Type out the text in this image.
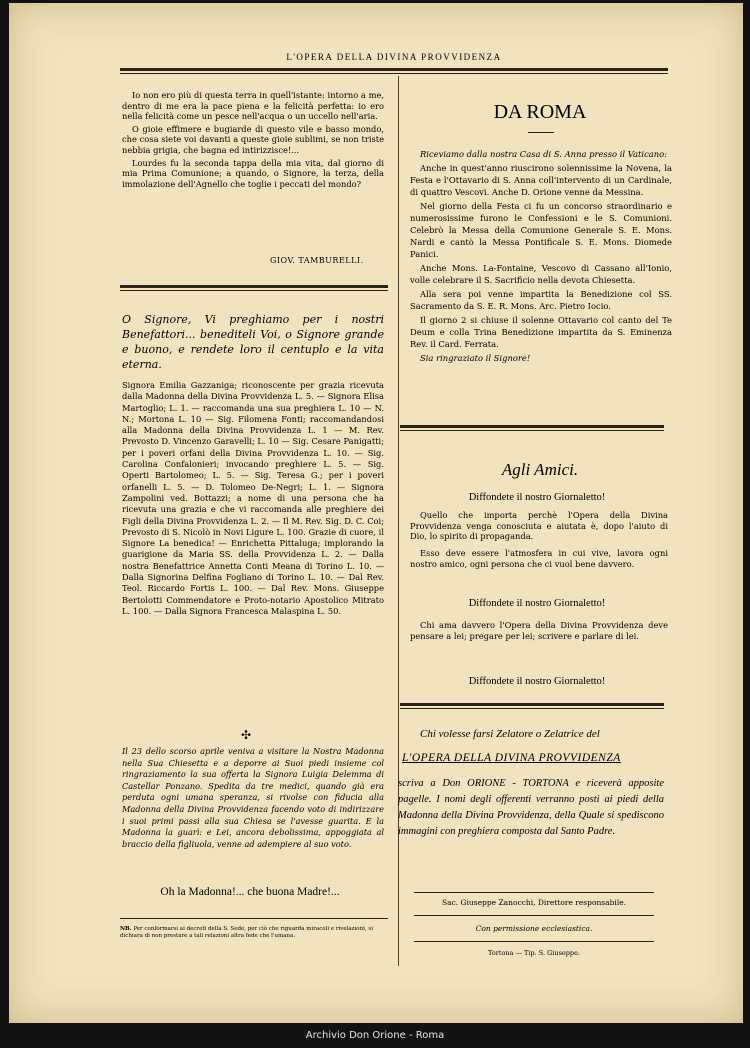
L'OPERA DELLA DIVINA PROVVIDENZA

Io non ero più di questa terra in quell'istante: intorno a me, dentro di me era la pace piena e la felicità perfetta: io ero nella felicità come un pesce nell'acqua o un uccello nell'aria.

O gioie effimere e bugiarde di questo vile e basso mondo, che cosa siete voi davanti a queste gioie sublimi, se non triste nebbia grigia, che bagna ed intirizzisce!...

Lourdes fu la seconda tappa della mia vita, dal giorno di mia Prima Comunione; a quando, o Signore, la terza, della immolazione dell'Agnello che toglie i peccati del mondo?

GIOV. TAMBURELLI.
O Signore, Vi preghiamo per i nostri Benefattori... benediteli Voi, o Signore grande e buono, e rendete loro il centuplo e la vita eterna.
Signora Emilia Gazzaniga; riconoscente per grazia ricevuta dalla Madonna della Divina Provvidenza L. 5. — Signora Elisa Martoglio; L. 1. — raccomanda una sua preghiera L. 10 — N. N.; Mortona L. 10 — Sig. Filomena Fonti; raccomandandosi alla Madonna della Divina Provvidenza L. 1 — M. Rev. Prevosto D. Vincenzo Garavelli; L. 10 — Sig. Cesare Panigatti; per i poveri orfani della Divina Provvidenza L. 10. — Sig. Carolina Confalonieri; invocando preghiere L. 5. — Sig. Operti Bartolomeo; L. 5. — Sig. Teresa G.; per i poveri orfanelli L. 5. — D. Tolomeo De-Negri; L. 1. — Signora Zampolini ved. Bottazzi; a nome di una persona che ha ricevuta una grazia e che vi raccomanda alle preghiere dei Figli della Divina Provvidenza L. 2. — Il M. Rev. Sig. D. C. Coi; Prevosto di S. Nicolò in Novi Ligure L. 100. Grazie di cuore, il Signore La benedica! — Enrichetta Pittaluga; implorando la guarigione da Maria SS. della Provvidenza L. 2. — Dalla nostra Benefattrice Annetta Conti Meana di Torino L. 10. — Dalla Signorina Delfina Fogliano di Torino L. 10. — Dal Rev. Teol. Riccardo Fortis L. 100. — Dal Rev. Mons. Giuseppe Bertolotti Commendatore e Proto-notario Apostolico Mitrato L. 100. — Dalla Signora Francesca Malaspina L. 50.
✣
Il 23 dello scorso aprile veniva a visitare la Nostra Madonna nella Sua Chiesetta e a deporre ai Suoi piedi insieme col ringraziamento la sua offerta la Signora Luigia Delemma di Castellar Ponzano. Spedita da tre medici, quando già era perduta ogni umana speranza, si rivolse con fiducia alla Madonna della Divina Provvidenza facendo voto di indirizzare i suoi primi passi alla sua Chiesa se l'avesse guarita. E la Madonna la guarì: e Lei, ancora debolissima, appoggiata al braccio della figliuola, venne ad adempiere al suo voto.
Oh la Madonna!... che buona Madre!...
NB. Per conformarsi ai decreti della S. Sede, per ciò che riguarda miracoli e rivelazioni, si dichiara di non prestare a tali relazioni altra fede che l'umana.
DA ROMA

Riceviamo dalla nostra Casa di S. Anna presso il Vaticano:

Anche in quest'anno riuscirono solennissime la Novena, la Festa e l'Ottavario di S. Anna coll'intervento di un Cardinale, di quattro Vescovi. Anche D. Orione venne da Messina.

Nel giorno della Festa ci fu un concorso straordinario e numerosissime furono le Confessioni e le S. Comunioni. Celebrò la Messa della Comunione Generale S. E. Mons. Nardi e cantò la Messa Pontificale S. E. Mons. Diomede Panici.

Anche Mons. La-Fontaine, Vescovo di Cassano all'Ionio, volle celebrare il S. Sacrificio nella devota Chiesetta.

Alla sera poi venne impartita la Benedizione col SS. Sacramento da S. E. R. Mons. Arc. Pietro Iocio.

Il giorno 2 si chiuse il solenne Ottavario col canto del Te Deum e colla Trina Benedizione impartita da S. Eminenza Rev. il Card. Ferrata.

Sia ringraziato il Signore!

Agli Amici.
Diffondete il nostro Giornaletto!
Quello che importa perchè l'Opera della Divina Provvidenza venga conosciuta e aiutata è, dopo l'aiuto di Dio, lo spirito di propaganda.
Esso deve essere l'atmosfera in cui vive, lavora ogni nostro amico, ogni persona che ci vuol bene davvero.
Diffondete il nostro Giornaletto!
Chi ama davvero l'Opera della Divina Provvidenza deve pensare a lei; pregare per lei; scrivere e parlare di lei.
Diffondete il nostro Giornaletto!
Chi volesse farsi Zelatore o Zelatrice del
L'OPERA DELLA DIVINA PROVVIDENZA
scriva a Don ORIONE - TORTONA e riceverà apposite pagelle. I nomi degli offerenti verranno posti ai piedi della Madonna della Divina Provvidenza, della Quale si spediscono immagini con preghiera composta dal Santo Padre.
Sac. Giuseppe Zanocchi, Direttore responsabile.
Con permissione ecclesiastica.
Tortona — Tip. S. Giuseppe.
Archivio Don Orione - Roma
